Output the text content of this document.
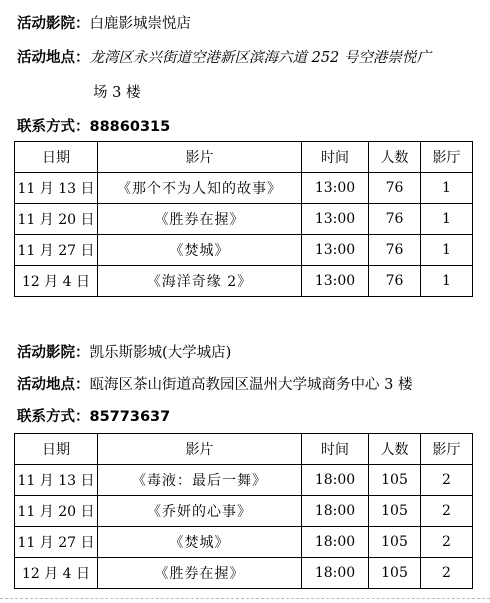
活动影院：白鹿影城崇悦店
活动地点：龙湾区永兴街道空港新区滨海六道 252 号空港崇悦广
场 3 楼
联系方式：88860315
日期	影片	时间	人数	影厅
11 月 13 日	《那个不为人知的故事》	13:00	76	1
11 月 20 日	《胜券在握》	13:00	76	1
11 月 27 日	《焚城》	13:00	76	1
12 月 4 日	《海洋奇缘 2》	13:00	76	1
活动影院：凯乐斯影城(大学城店)
活动地点：瓯海区茶山街道高教园区温州大学城商务中心 3 楼
联系方式：85773637
日期	影片	时间	人数	影厅
11 月 13 日	《毒液：最后一舞》	18:00	105	2
11 月 20 日	《乔妍的心事》	18:00	105	2
11 月 27 日	《焚城》	18:00	105	2
12 月 4 日	《胜券在握》	18:00	105	2
